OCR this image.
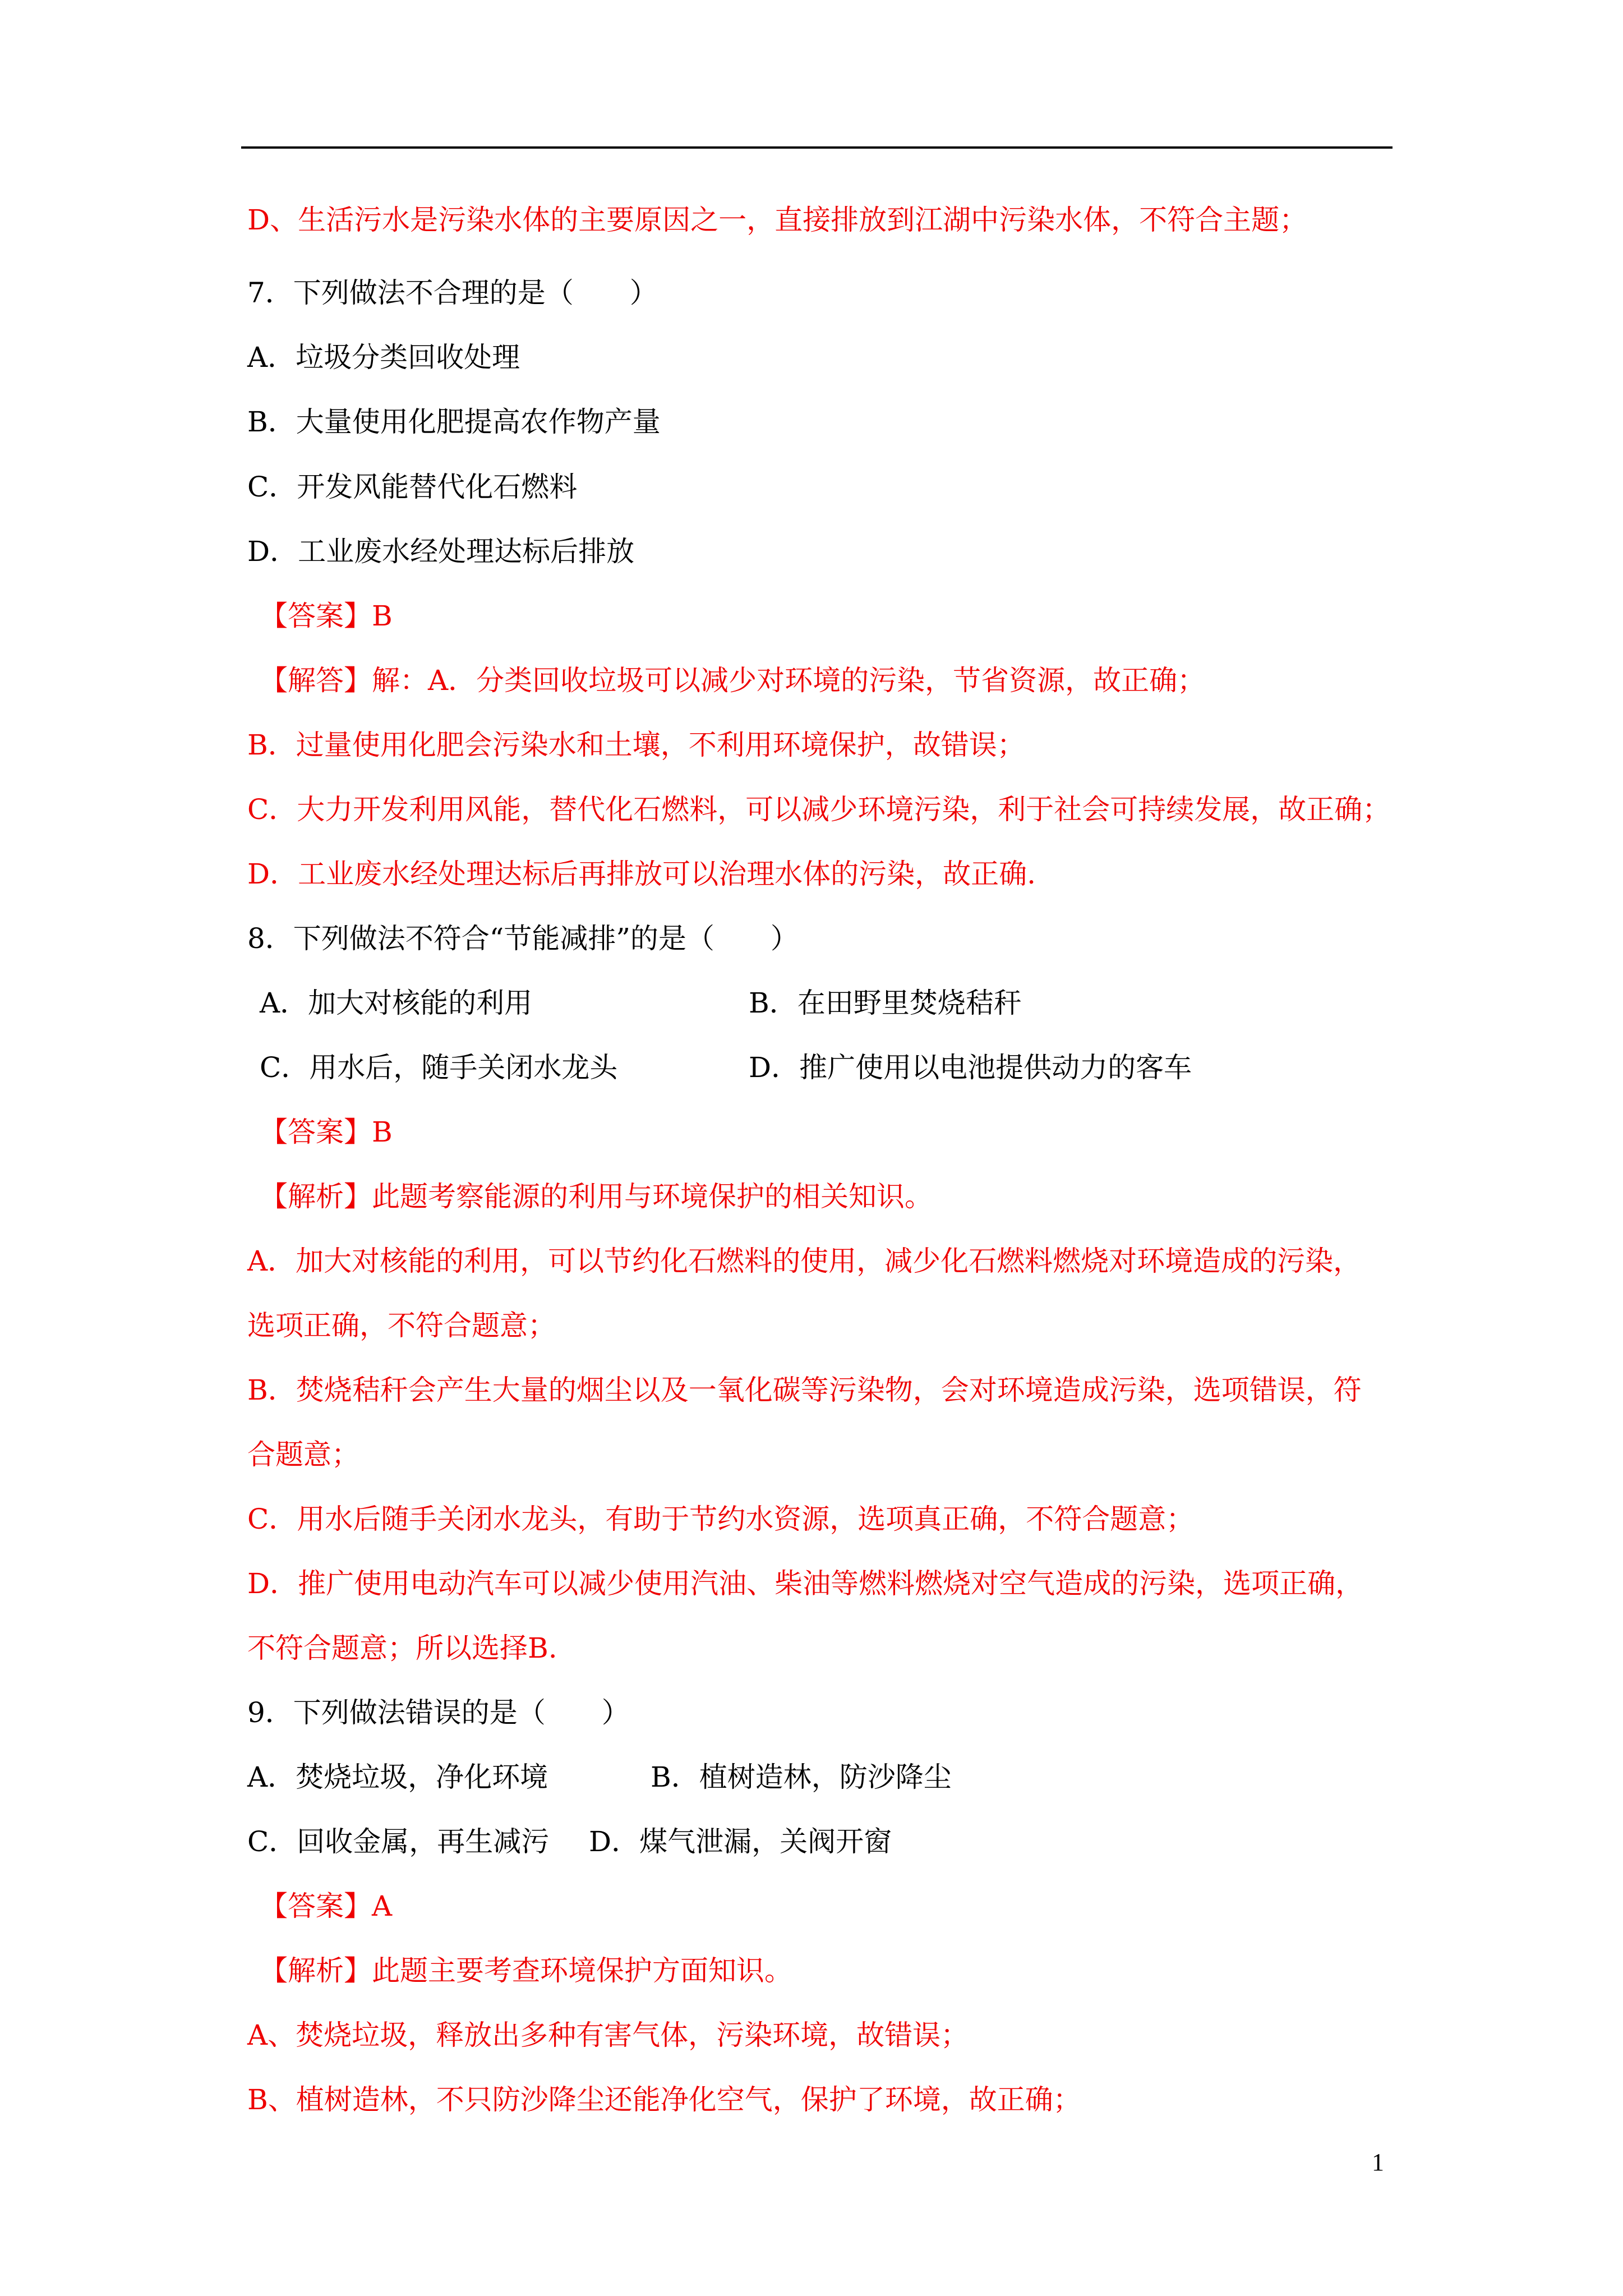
D、生活污水是污染水体的主要原因之一，直接排放到江湖中污染水体，不符合主题；

7．下列做法不合理的是（　　）

A．垃圾分类回收处理

B．大量使用化肥提高农作物产量

C．开发风能替代化石燃料

D．工业废水经处理达标后排放

【答案】B

【解答】解：A．分类回收垃圾可以减少对环境的污染，节省资源，故正确；

B．过量使用化肥会污染水和土壤，不利用环境保护，故错误；

C．大力开发利用风能，替代化石燃料，可以减少环境污染，利于社会可持续发展，故正确；

D．工业废水经处理达标后再排放可以治理水体的污染，故正确.

8．下列做法不符合“节能减排”的是（　　）

A．加大对核能的利用	B．在田野里焚烧秸秆

C．用水后，随手关闭水龙头	D．推广使用以电池提供动力的客车

【答案】B

【解析】此题考察能源的利用与环境保护的相关知识。

A．加大对核能的利用，可以节约化石燃料的使用，减少化石燃料燃烧对环境造成的污染，

选项正确，不符合题意；

B．焚烧秸秆会产生大量的烟尘以及一氧化碳等污染物，会对环境造成污染，选项错误，符

合题意；

C．用水后随手关闭水龙头，有助于节约水资源，选项真正确，不符合题意；

D．推广使用电动汽车可以减少使用汽油、柴油等燃料燃烧对空气造成的污染，选项正确，

不符合题意；所以选择B.

9．下列做法错误的是（　　）

A．焚烧垃圾，净化环境	B．植树造林，防沙降尘

C．回收金属，再生减污 D．煤气泄漏，关阀开窗

【答案】A

【解析】此题主要考查环境保护方面知识。

A、焚烧垃圾，释放出多种有害气体，污染环境，故错误；

B、植树造林，不只防沙降尘还能净化空气，保护了环境，故正确；

1
